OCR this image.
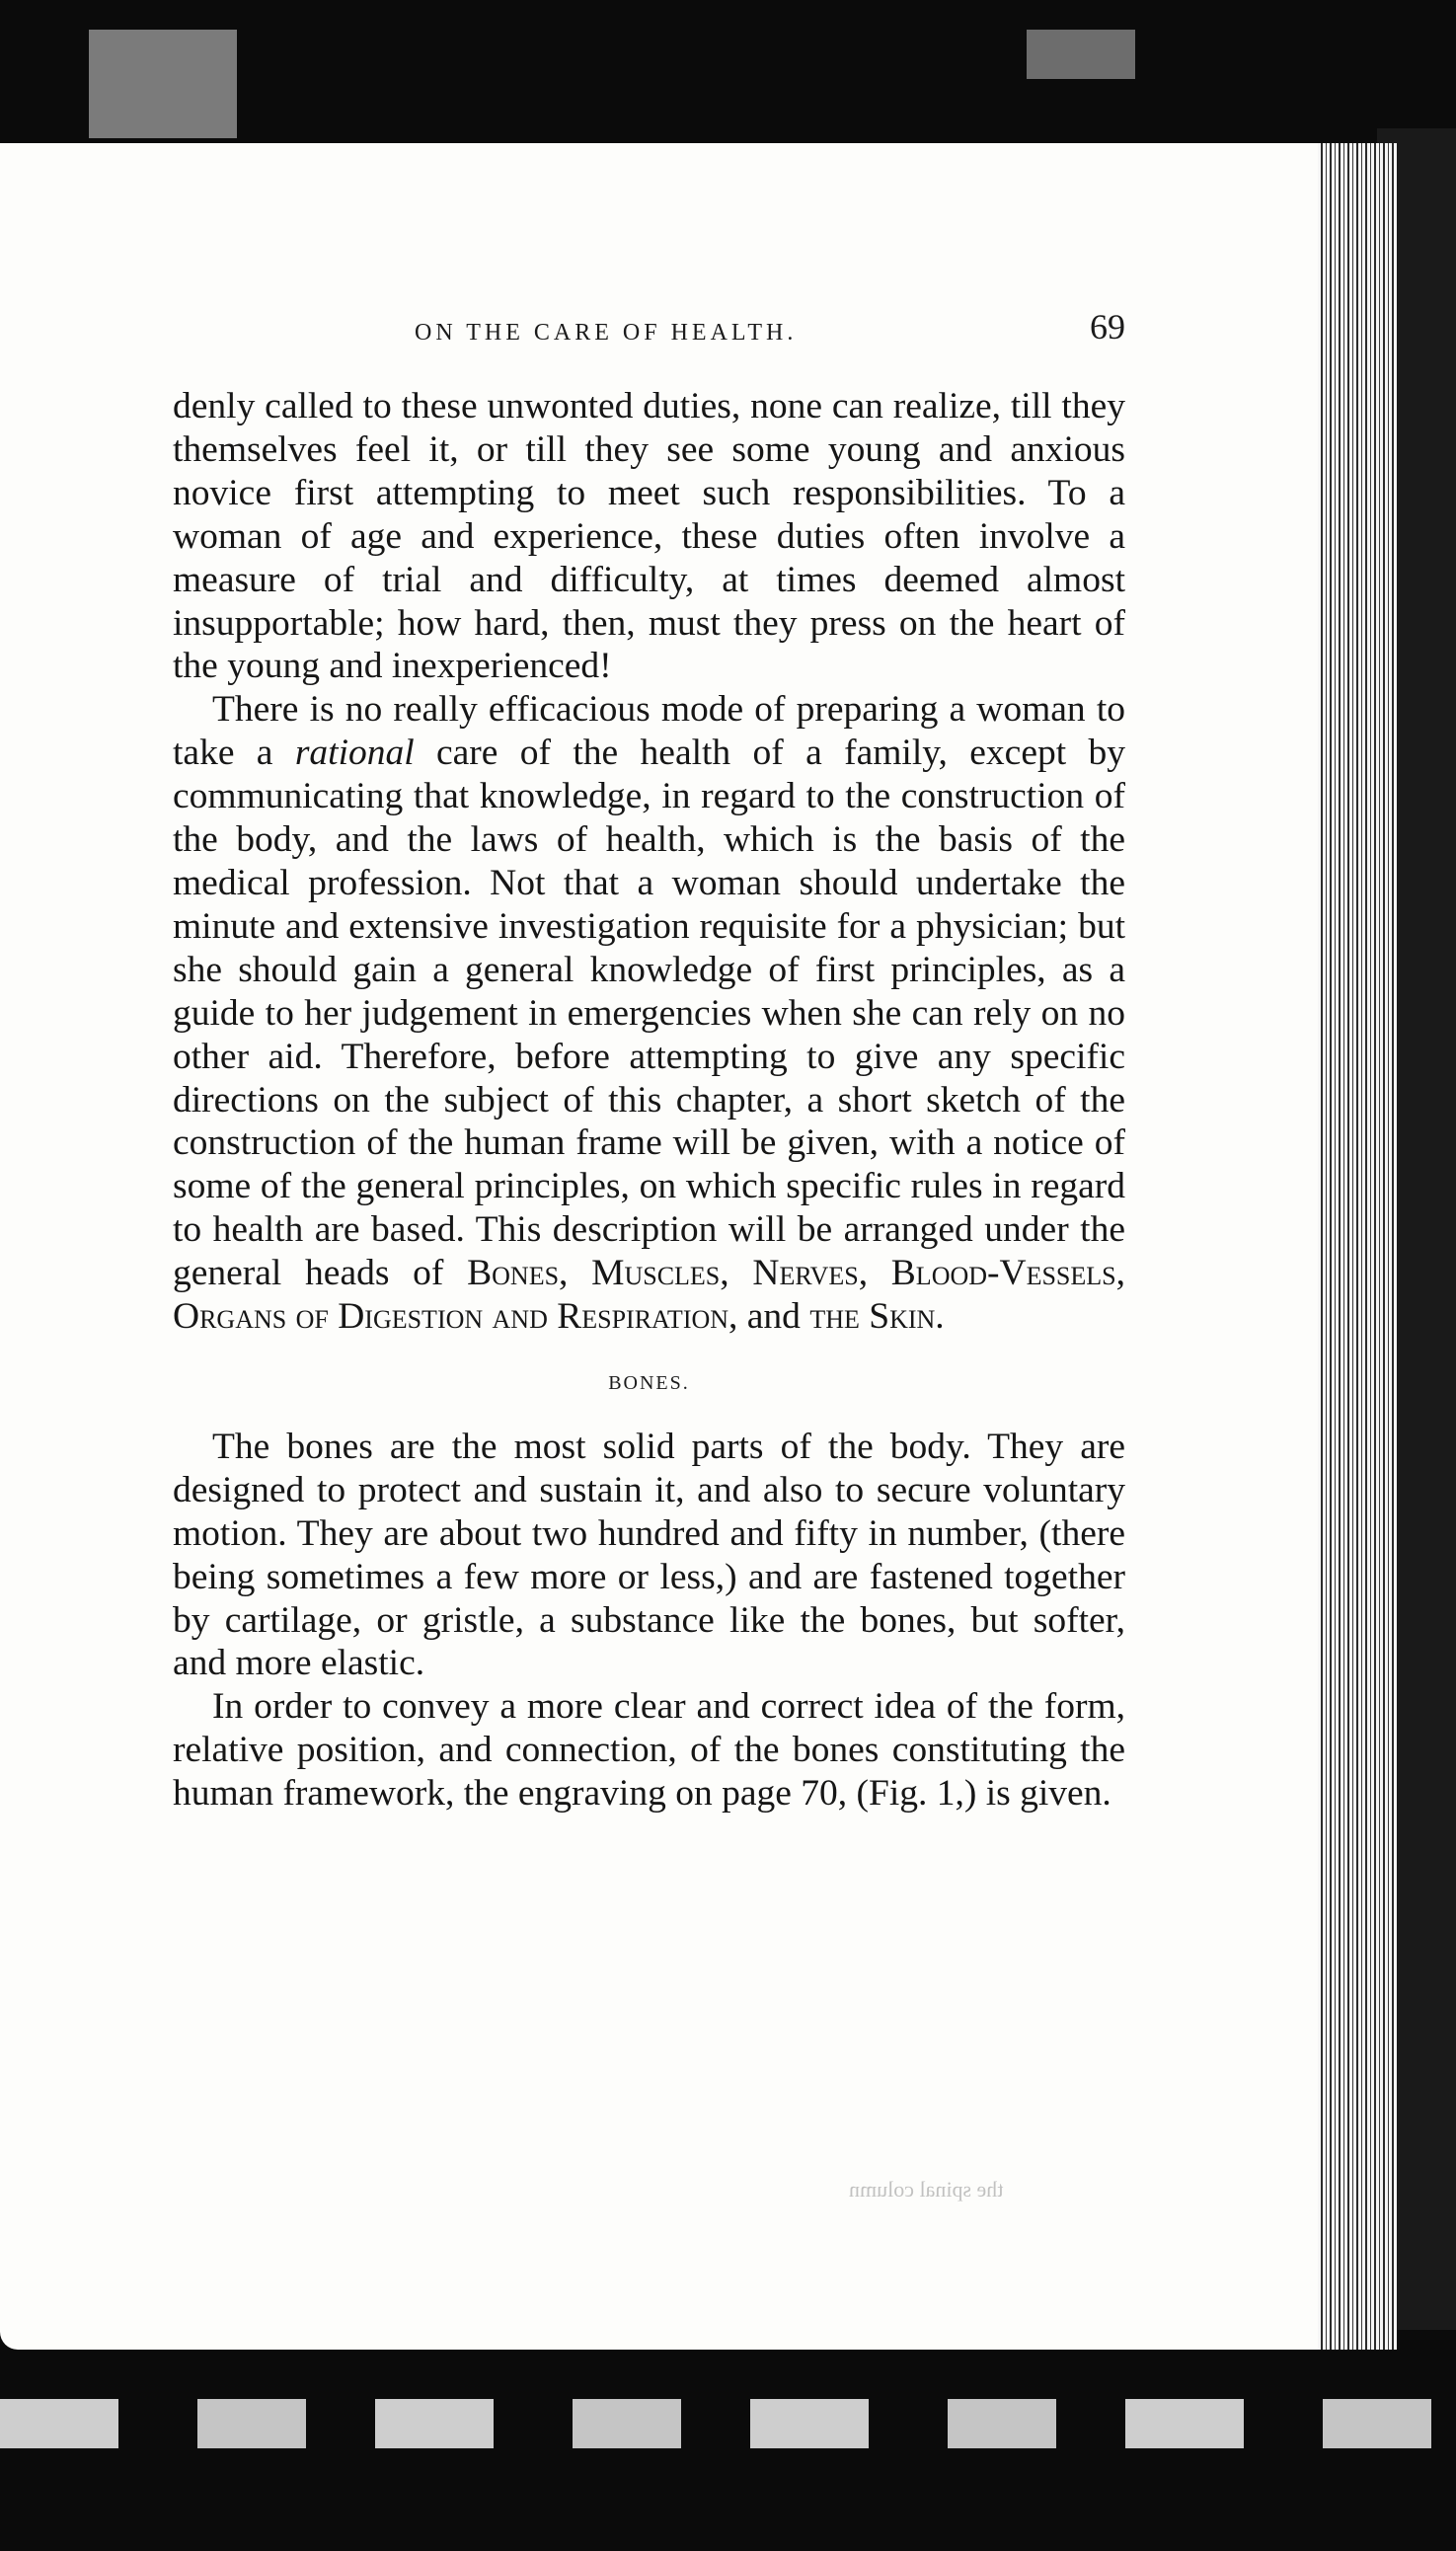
ON THE CARE OF HEALTH.	69

denly called to these unwonted duties, none can realize, till they themselves feel it, or till they see some young and anxious novice first attempting to meet such responsibilities. To a woman of age and experience, these duties often involve a measure of trial and difficulty, at times deemed almost insupportable; how hard, then, must they press on the heart of the young and inexperienced!

There is no really efficacious mode of preparing a woman to take a rational care of the health of a family, except by communicating that knowledge, in regard to the construction of the body, and the laws of health, which is the basis of the medical profession. Not that a woman should undertake the minute and extensive investigation requisite for a physician; but she should gain a general knowledge of first principles, as a guide to her judgement in emergencies when she can rely on no other aid. Therefore, before attempting to give any specific directions on the subject of this chapter, a short sketch of the construction of the human frame will be given, with a notice of some of the general principles, on which specific rules in regard to health are based. This description will be arranged under the general heads of Bones, Muscles, Nerves, Blood-Vessels, Organs of Digestion and Respiration, and the Skin.

BONES.

The bones are the most solid parts of the body. They are designed to protect and sustain it, and also to secure voluntary motion. They are about two hundred and fifty in number, (there being sometimes a few more or less,) and are fastened together by cartilage, or gristle, a substance like the bones, but softer, and more elastic.

In order to convey a more clear and correct idea of the form, relative position, and connection, of the bones constituting the human framework, the engraving on page 70, (Fig. 1,) is given.

the spinal column
